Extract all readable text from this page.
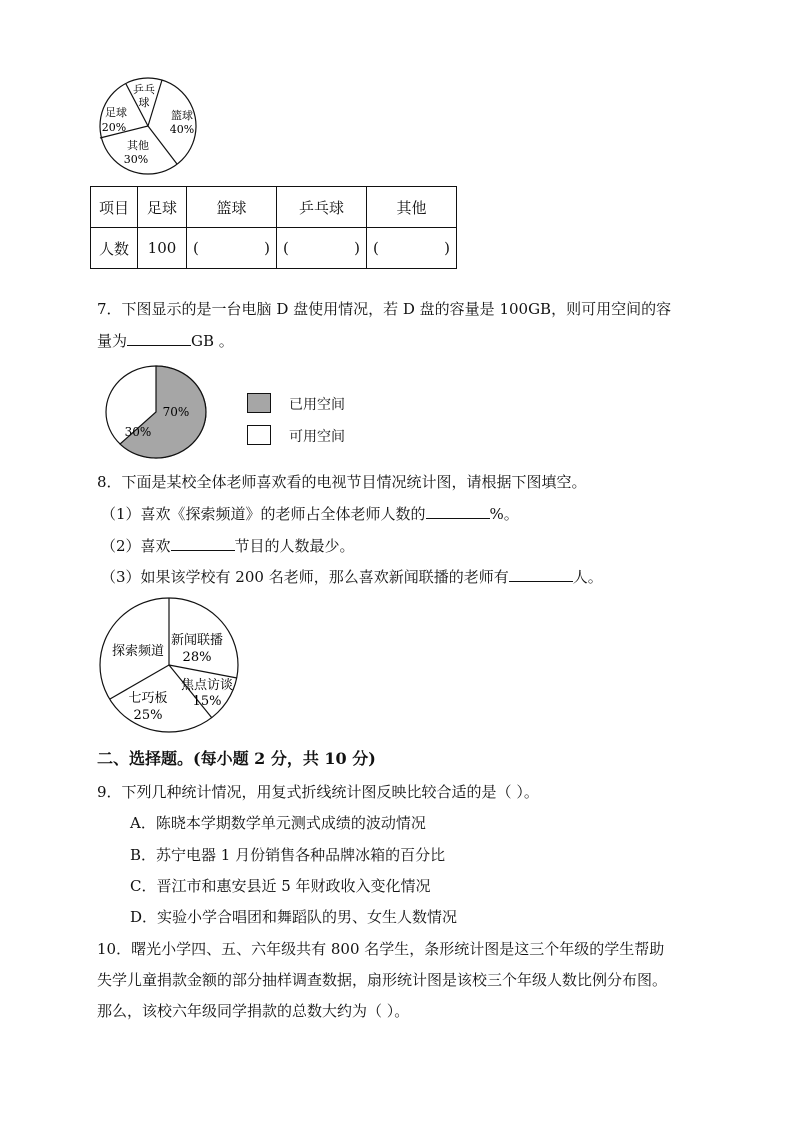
乒乓
球
篮球
40%
其他
30%
足球
20%
项目	足球	篮球	乒乓球	其他
人数	100	( )	( )	( )
7．下图显示的是一台电脑 D 盘使用情况，若 D 盘的容量是 100GB，则可用空间的容
量为	GB 。
70%
30%
已用空间
可用空间
8．下面是某校全体老师喜欢看的电视节目情况统计图，请根据下图填空。
（1）喜欢《探索频道》的老师占全体老师人数的	%。
（2）喜欢	节目的人数最少。
（3）如果该学校有 200 名老师，那么喜欢新闻联播的老师有	人。
新闻联播
28%
焦点访谈
15%
七巧板
25%
探索频道
二、选择题。(每小题 2 分，共 10 分)
9．下列几种统计情况，用复式折线统计图反映比较合适的是（ ）。
A．陈晓本学期数学单元测式成绩的波动情况
B．苏宁电器 1 月份销售各种品牌冰箱的百分比
C．晋江市和惠安县近 5 年财政收入变化情况
D．实验小学合唱团和舞蹈队的男、女生人数情况
10．曙光小学四、五、六年级共有 800 名学生，条形统计图是这三个年级的学生帮助
失学儿童捐款金额的部分抽样调查数据，扇形统计图是该校三个年级人数比例分布图。
那么，该校六年级同学捐款的总数大约为（ ）。
